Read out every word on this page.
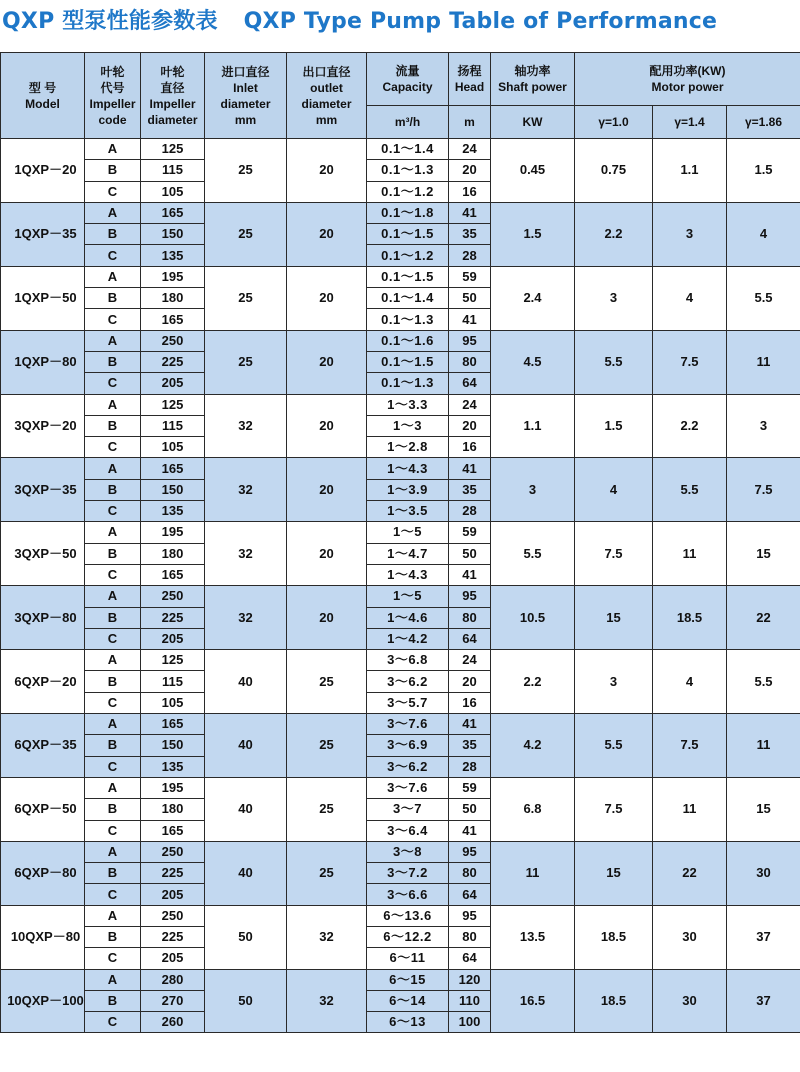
QXP 型泵性能参数表 QXP Type Pump Table of Performance
型 号
Model	叶轮
代号
Impeller
code	叶轮
直径
Impeller
diameter	进口直径
Inlet
diameter
mm	出口直径
outlet
diameter
mm	流量
Capacity	扬程
Head	轴功率
Shaft power	配用功率(KW)
Motor power		

					m³/h	m	KW	γ=1.0	γ=1.4	γ=1.86
1QXP－20	A	125	25	20	0.1～1.4	24	0.45	0.75	1.1	1.5
	B	115			0.1～1.3	20				
	C	105			0.1～1.2	16				
1QXP－35	A	165	25	20	0.1～1.8	41	1.5	2.2	3	4
	B	150			0.1～1.5	35				
	C	135			0.1～1.2	28				
1QXP－50	A	195	25	20	0.1～1.5	59	2.4	3	4	5.5
	B	180			0.1～1.4	50				
	C	165			0.1～1.3	41				
1QXP－80	A	250	25	20	0.1～1.6	95	4.5	5.5	7.5	11
	B	225			0.1～1.5	80				
	C	205			0.1～1.3	64				
3QXP－20	A	125	32	20	1～3.3	24	1.1	1.5	2.2	3
	B	115			1～3	20				
	C	105			1～2.8	16				
3QXP－35	A	165	32	20	1～4.3	41	3	4	5.5	7.5
	B	150			1～3.9	35				
	C	135			1～3.5	28				
3QXP－50	A	195	32	20	1～5	59	5.5	7.5	11	15
	B	180			1～4.7	50				
	C	165			1～4.3	41				
3QXP－80	A	250	32	20	1～5	95	10.5	15	18.5	22
	B	225			1～4.6	80				
	C	205			1～4.2	64				
6QXP－20	A	125	40	25	3～6.8	24	2.2	3	4	5.5
	B	115			3～6.2	20				
	C	105			3～5.7	16				
6QXP－35	A	165	40	25	3～7.6	41	4.2	5.5	7.5	11
	B	150			3～6.9	35				
	C	135			3～6.2	28				
6QXP－50	A	195	40	25	3～7.6	59	6.8	7.5	11	15
	B	180			3～7	50				
	C	165			3～6.4	41				
6QXP－80	A	250	40	25	3～8	95	11	15	22	30
	B	225			3～7.2	80				
	C	205			3～6.6	64				
10QXP－80	A	250	50	32	6～13.6	95	13.5	18.5	30	37
	B	225			6～12.2	80				
	C	205			6～11	64				
10QXP－100	A	280	50	32	6～15	120	16.5	18.5	30	37
	B	270			6～14	110				
	C	260			6～13	100				
